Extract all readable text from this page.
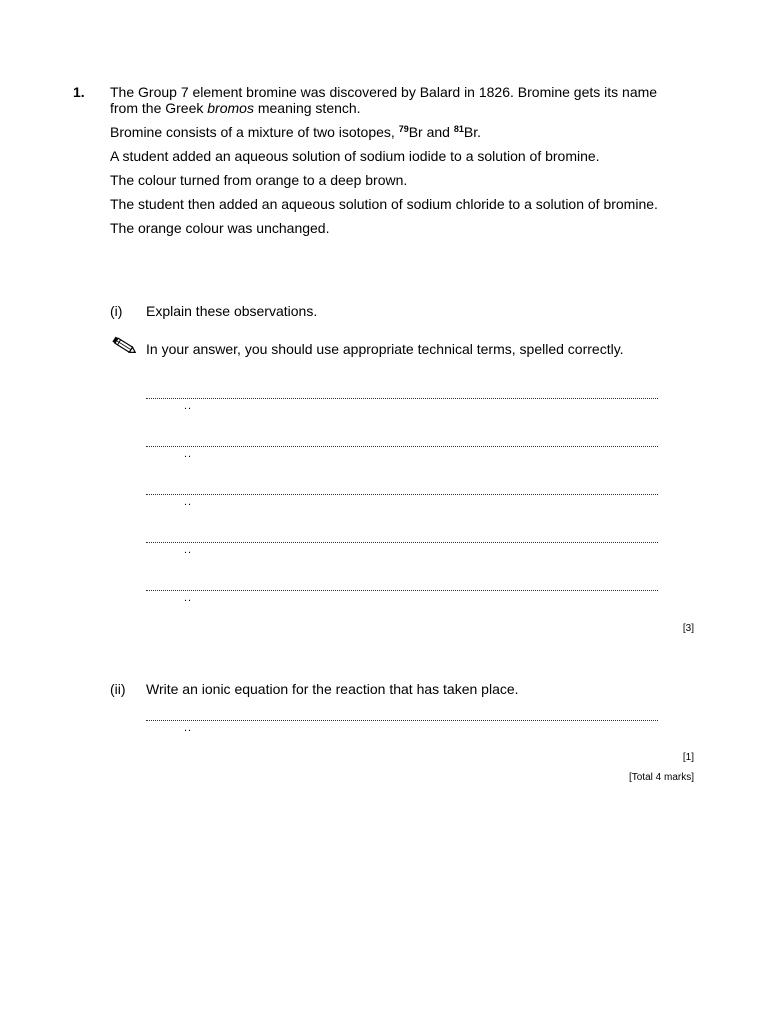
1. The Group 7 element bromine was discovered by Balard in 1826. Bromine gets its name from the Greek bromos meaning stench.

Bromine consists of a mixture of two isotopes, $^{79}$Br and $^{81}$Br.

A student added an aqueous solution of sodium iodide to a solution of bromine.

The colour turned from orange to a deep brown.

The student then added an aqueous solution of sodium chloride to a solution of bromine.

The orange colour was unchanged.

(i) Explain these observations.
In your answer, you should use appropriate technical terms, spelled correctly.
..
..
..
..
..
[3]
(ii) Write an ionic equation for the reaction that has taken place.
..
[1]
[Total 4 marks]
